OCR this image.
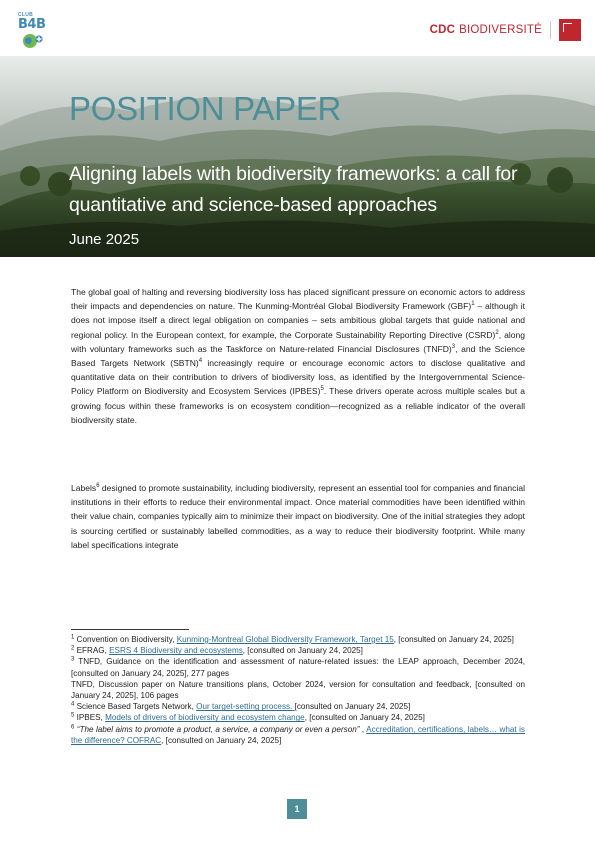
CLUB
B4B	CDC BIODIVERSITÉ
POSITION PAPER
Aligning labels with biodiversity frameworks: a call for quantitative and science-based approaches
June 2025

The global goal of halting and reversing biodiversity loss has placed significant pressure on economic actors to address their impacts and dependencies on nature. The Kunming-Montréal Global Biodiversity Framework (GBF)$^1$ – although it does not impose itself a direct legal obligation on companies – sets ambitious global targets that guide national and regional policy. In the European context, for example, the Corporate Sustainability Reporting Directive (CSRD)$^2$, along with voluntary frameworks such as the Taskforce on Nature-related Financial Disclosures (TNFD)$^3$, and the Science Based Targets Network (SBTN)$^4$ increasingly require or encourage economic actors to disclose qualitative and quantitative data on their contribution to drivers of biodiversity loss, as identified by the Intergovernmental Science-Policy Platform on Biodiversity and Ecosystem Services (IPBES)$^5$. These drivers operate across multiple scales but a growing focus within these frameworks is on ecosystem condition—recognized as a reliable indicator of the overall biodiversity state.

Labels$^6$ designed to promote sustainability, including biodiversity, represent an essential tool for companies and financial institutions in their efforts to reduce their environmental impact. Once material commodities have been identified within their value chain, companies typically aim to minimize their impact on biodiversity. One of the initial strategies they adopt is sourcing certified or sustainably labelled commodities, as a way to reduce their biodiversity footprint. While many label specifications integrate

$^1$ Convention on Biodiversity, Kunming-Montreal Global Biodiversity Framework, Target 15, [consulted on January 24, 2025]
$^2$ EFRAG, ESRS 4 Biodiversity and ecosystems, [consulted on January 24, 2025]
$^3$ TNFD, Guidance on the identification and assessment of nature-related issues: the LEAP approach, December 2024, [consulted on January 24, 2025], 277 pages
TNFD, Discussion paper on Nature transitions plans, October 2024, version for consultation and feedback, [consulted on January 24, 2025], 106 pages
$^4$ Science Based Targets Network, Our target-setting process. [consulted on January 24, 2025]
$^5$ IPBES, Models of drivers of biodiversity and ecosystem change, [consulted on January 24, 2025]
$^6$ “The label aims to promote a product, a service, a company or even a person” , Accreditation, certifications, labels… what is the difference? COFRAC, [consulted on January 24, 2025]
1
